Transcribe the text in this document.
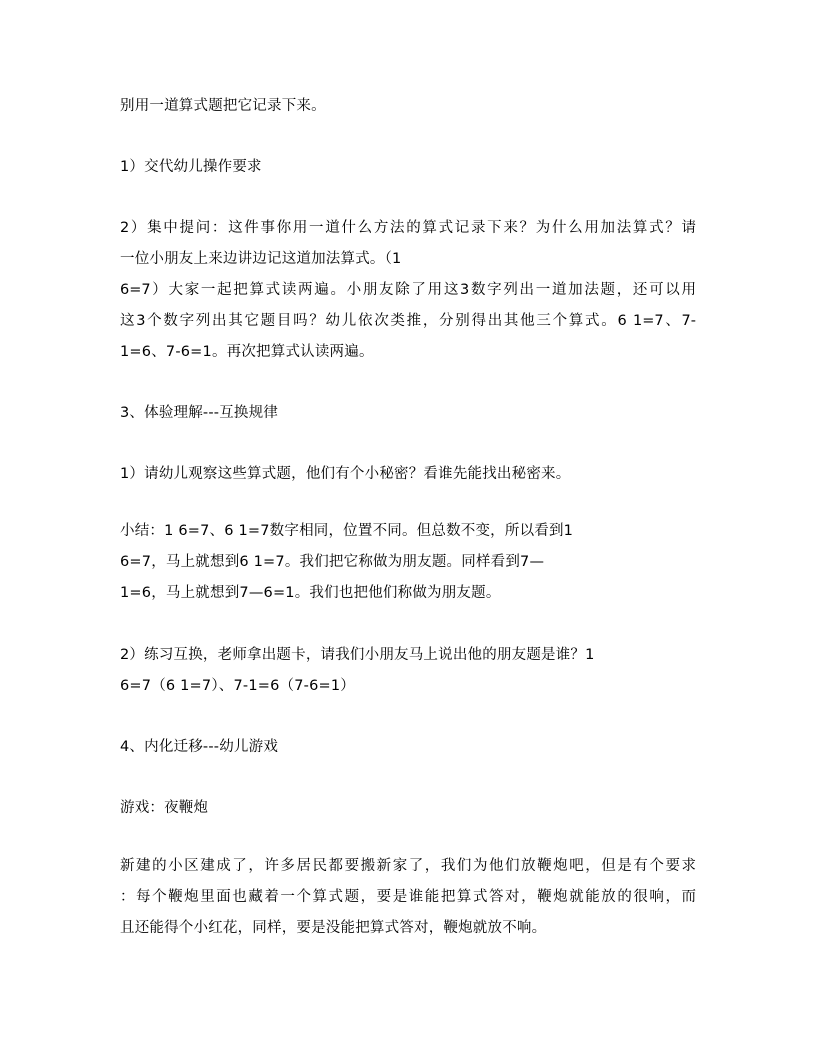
别用一道算式题把它记录下来。
1）交代幼儿操作要求
2）集中提问：这件事你用一道什么方法的算式记录下来？为什么用加法算式？请
一位小朋友上来边讲边记这道加法算式。（1
6=7）大家一起把算式读两遍。小朋友除了用这3数字列出一道加法题，还可以用
这3个数字列出其它题目吗？幼儿依次类推，分别得出其他三个算式。6 1=7、7-
1=6、7-6=1。再次把算式认读两遍。
3、体验理解---互换规律
1）请幼儿观察这些算式题，他们有个小秘密？看谁先能找出秘密来。
小结：1 6=7、6 1=7数字相同，位置不同。但总数不变，所以看到1
6=7，马上就想到6 1=7。我们把它称做为朋友题。同样看到7—
1=6，马上就想到7—6=1。我们也把他们称做为朋友题。
2）练习互换，老师拿出题卡，请我们小朋友马上说出他的朋友题是谁？1
6=7（6 1=7）、7-1=6（7-6=1）
4、内化迁移---幼儿游戏
游戏：夜鞭炮
新建的小区建成了，许多居民都要搬新家了，我们为他们放鞭炮吧，但是有个要求
：每个鞭炮里面也藏着一个算式题，要是谁能把算式答对，鞭炮就能放的很响，而
且还能得个小红花，同样，要是没能把算式答对，鞭炮就放不响。
